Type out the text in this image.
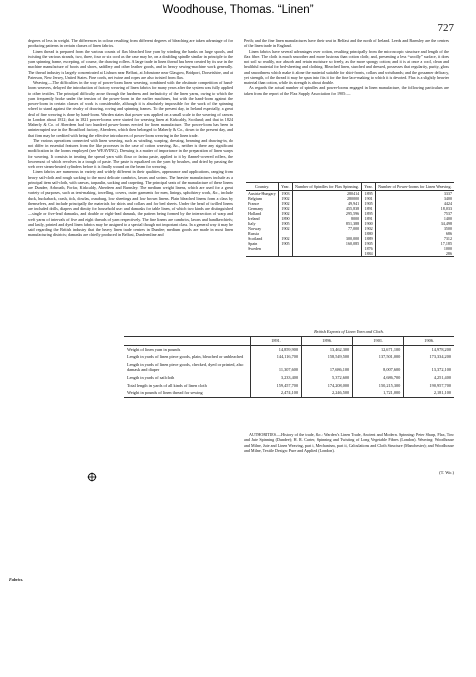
Woodhouse, Thomas. “Linen”
727

degrees of less in weight. The differences in colour resulting from different degrees of bleaching are taken advantage of for producing patterns in certain classes of linen fabrics.

Linen thread is prepared from the various counts of flax bleached line yarn by winding the hanks on large spools, and twisting the various strands, two, three, four or six cord as the case may be, on a doubling spindle similar in principle to the yarn spinning frame, excepting, of course, the drawing rollers. A large trade in linen thread has been created by its use in the machine manufacture of boots and shoes, saddlery and other leather goods, and in heavy sewing-machine work generally. The thread industry is largely concentrated at Lisburn near Belfast, at Johnstone near Glasgow, Bridport, Dorsetshire, and at Paterson, New Jersey, United States. Fine cords, net twine and ropes are also twisted from flax.

Weaving.—The difficulties in the way of power-loom linen weaving, combined with the obstinate competition of hand-loom weavers, delayed the introduction of factory weaving of linen fabrics for many years after the system was fully applied to other textiles. The principal difficulty arose through the hardness and inelasticity of the linen yarns, owing to which the yarn frequently broke under the tension of the power-loom in the earlier machines, but with the hand-loom against the power-loom in certain classes of work is considerable, although it is absolutely impossible for the work of the spinning wheel to stand against the rivalry of drawing, roving and spinning frames. To the present day, in Ireland especially, a great deal of fine weaving is done by hand-loom. Warden states that power was applied on a small scale to the weaving of canvas in London about 1812; that in 1821 power-looms were started for weaving linen at Kirkcaldy, Scotland; and that in 1824 Maberly & Co. of Aberdeen had two hundred power-looms erected for linen manufacture. The power-loom has been in uninterrupted use in the Broadford factory, Aberdeen, which then belonged to Maberly & Co., down to the present day, and that firm may be credited with being the effective introducers of power-loom weaving in the linen trade.

The various operations connected with linen weaving, such as winding, warping, dressing, beaming and drawing-in, do not differ in essential features from the like processes in the case of cotton weaving, &c., neither is there any significant modification in the looms employed (see WEAVING). Dressing is a matter of importance in the preparation of linen warps for weaving. It consists in treating the spread yarn with flour or farina paste, applied to it by flannel-covered rollers, the lowermost of which revolves in a trough of paste. The paste is equalized on the yarn by brushes, and dried by passing the web over steam-heated cylinders before it is finally wound on the beam for weaving.

Linen fabrics are numerous in variety and widely different in their qualities, appearance and applications, ranging from heavy sail-cloth and rough sacking to the most delicate cambrics, lawns and scrims. The heavier manufactures include as a principal item sail-cloth, with canvas, tarpaulin, sacking and carpeting. The principal seats of the manufacture of these linens are Dundee, Arbroath, Forfar, Kirkcaldy, Aberdeen and Barnsley. The medium weight linens, which are used for a great variety of purposes, such as tent-making, towelling, covers, outer garments for men, linings, upholstery work, &c., include duck, huckaback, crash, tick, dowlas, osnaburg, low sheetings and low brown linens. Plain bleached linens form a class by themselves, and include principally the materials for shirts and collars and for bed sheets. Under the head of twilled linens are included drills, diapers and dimity for household use: and damasks for table linen, of which two kinds are distinguished—single or five-lead damasks, and double or eight-lead damask, the pattern being formed by the intersection of warp and weft yarns of intervals of five and eight threads of yarn respectively. The fine linens are cambrics, lawns and handkerchiefs; and lastly, printed and dyed linen fabrics may be assigned to a special though not important class. In a general way it may be said regarding the British industry that the heavy linen trade centres in Dundee; medium goods are made in most linen manufacturing districts; damasks are chiefly produced in Belfast, Dunfermline and

Fabrics.

Perth; and the fine linen manufactures have their seat in Belfast and the north of Ireland. Leeds and Barnsley are the centres of the linen trade in England.

Linen fabrics have several advantages over cotton, resulting principally from the microscopic structure and length of the flax fibre. The cloth is much smoother and more lustrous than cotton cloth; and, presenting a less “woolly” surface, it does not soil so readily, nor absorb and retain moisture so freely, as the more spongy cotton; and it is at once a cool, clean and healthful material for bed-sheeting and clothing. Bleached linen, starched and dressed, possesses that regularity, purity, gloss and smoothness which make it alone the material suitable for shirt-fronts, collars and wristbands; and the gossamer delicacy, yet strength, of the thread it may be spun into fits it for the fine lace-making to which it is devoted. Flax is a slightly heavier material than cotton, while its strength is about double.

As regards the actual number of spindles and power-looms engaged in linen manufacture, the following particulars are taken from the report of the Flax Supply Association for 1905:—

Country.	Year.	Number of Spindles for Flax Spinning.	Year.	Number of Power-looms for Linen Weaving.
Austria-Hungary	1903	280414	1895	3337
Belgium	1902	280000	1901	3400
France	1902	49,941	1905	4424
Germany	1902	455,838	1891	18,033
Holland	1902	295,596	1895	7537
Ireland	1890	8000	1891	1400
Italy	1905	851,388	1900	34,498
Norway	1902	77,000	1902	3500
Russia			1880	686
Scotland	1902	300,000	1889	7312
Spain	1905	160,085	1905	17,185
Sweden			1876	1000
			1884	286
British Exports of Linen Yarn and Cloth.
	1891.	1896.	1901.	1906.
Weight of linen yarn in pounds	14,859,900	13,462,300	12,671,100	14,978,200
Length in yards of linen piece goods, plain, bleached or unbleached	144,116,700	158,549,500	137,501,000	173,334,200
Length in yards of linen piece goods, checked, dyed or printed, also damask and diaper	11,307,600	17,686,100	8,007,600	13,372,100
Length in yards of sailcloth	3,233,400	5,372,600	4,686,700	4,251,400
Total length in yards of all kinds of linen cloth	159,457,700	174,208,000	150,215,300	190,957,700
Weight in pounds of linen thread for sewing	2,474,100	2,246,500	1,721,000	2,181,100
AUTHORITIES.—History of the trade, &c.: Warden’s Linen Trade, Ancient and Modern. Spinning: Peter Sharp, Flax, Tow and Jute Spinning (Dundee); H. R. Carter, Spinning and Twisting of Long Vegetable Fibres (London). Weaving: Woodhouse and Milne, Jute and Linen Weaving, part i, Mechanism, part ii, Calculations and Cloth Structure (Manchester); and Woodhouse and Milne, Textile Design: Pure and Applied (London).
(T. Wo.)
